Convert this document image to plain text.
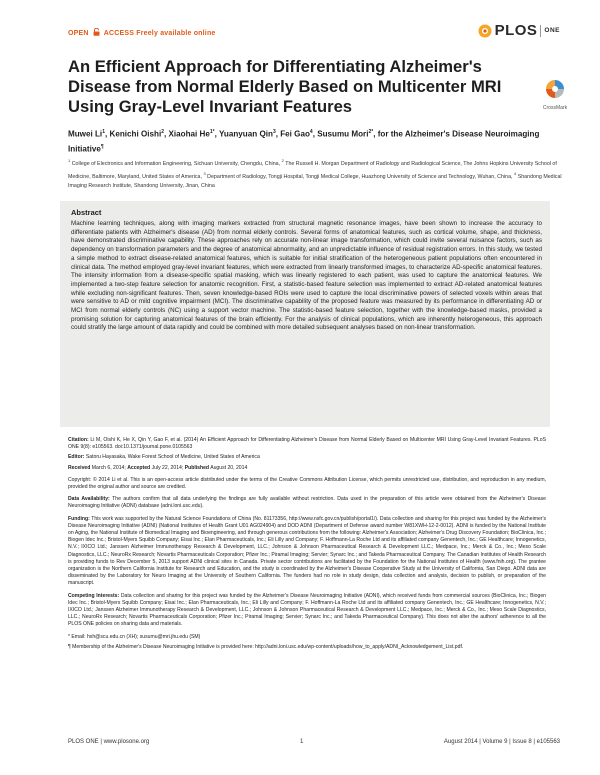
OPEN ACCESS Freely available online	PLOS ONE
An Efficient Approach for Differentiating Alzheimer's Disease from Normal Elderly Based on Multicenter MRI Using Gray-Level Invariant Features	CrossMark
Muwei Li$^1$, Kenichi Oishi$^2$, Xiaohai $He^{1*}$, Yuanyuan Qin$^3$, Fei Gao$^4$, Susumu Mori$^{2*}$, for the Alzheimer's Disease Neuroimaging Initiative¶
$^1$ College of Electronics and Information Engineering, Sichuan University, Chengdu, China, $^2$ The Russell H. Morgan Department of Radiology and Radiological Science, The Johns Hopkins University School of Medicine, Baltimore, Maryland, United States of America, $^3$ Department of Radiology, Tongji Hospital, Tongji Medical College, Huazhong University of Science and Technology, Wuhan, China, $^4$ Shandong Medical Imaging Research Institute, Shandong University, Jinan, China
Abstract
Machine learning techniques, along with imaging markers extracted from structural magnetic resonance images, have been shown to increase the accuracy to differentiate patients with Alzheimer's disease (AD) from normal elderly controls. Several forms of anatomical features, such as cortical volume, shape, and thickness, have demonstrated discriminative capability. These approaches rely on accurate non-linear image transformation, which could invite several nuisance factors, such as dependency on transformation parameters and the degree of anatomical abnormality, and an unpredictable influence of residual registration errors. In this study, we tested a simple method to extract disease-related anatomical features, which is suitable for initial stratification of the heterogeneous patient populations often encountered in clinical data. The method employed gray-level invariant features, which were extracted from linearly transformed images, to characterize AD-specific anatomical features. The intensity information from a disease-specific spatial masking, which was linearly registered to each patient, was used to capture the anatomical features. We implemented a two-step feature selection for anatomic recognition. First, a statistic-based feature selection was implemented to extract AD-related anatomical features while excluding non-significant features. Then, seven knowledge-based ROIs were used to capture the local discriminative powers of selected voxels within areas that were sensitive to AD or mild cognitive impairment (MCI). The discriminative capability of the proposed feature was measured by its performance in differentiating AD or MCI from normal elderly controls (NC) using a support vector machine. The statistic-based feature selection, together with the knowledge-based masks, provided a promising solution for capturing anatomical features of the brain efficiently. For the analysis of clinical populations, which are inherently heterogeneous, this approach could stratify the large amount of data rapidly and could be combined with more detailed subsequent analyses based on non-linear transformation.

Citation: Li M, Oishi K, He X, Qin Y, Gao F, et al. (2014) An Efficient Approach for Differentiating Alzheimer's Disease from Normal Elderly Based on Multicenter MRI Using Gray-Level Invariant Features. PLoS ONE 9(8): e105563. doi:10.1371/journal.pone.0105563

Editor: Satoru Hayasaka, Wake Forest School of Medicine, United States of America

Received March 6, 2014; Accepted July 22, 2014; Published August 20, 2014

Copyright: © 2014 Li et al. This is an open-access article distributed under the terms of the Creative Commons Attribution License, which permits unrestricted use, distribution, and reproduction in any medium, provided the original author and source are credited.

Data Availability: The authors confirm that all data underlying the findings are fully available without restriction. Data used in the preparation of this article were obtained from the Alzheimer's Disease Neuroimaging Initiative (ADNI) database (adni.loni.usc.edu).

Funding: This work was supported by the Natural Science Foundations of China (No. 81173356, http://www.nsfc.gov.cn/publish/portal1/). Data collection and sharing for this project was funded by the Alzheimer's Disease Neuroimaging Initiative (ADNI) (National Institutes of Health Grant U01 AG024904) and DOD ADNI (Department of Defense award number W81XWH-12-2-0012). ADNI is funded by the National Institute on Aging, the National Institute of Biomedical Imaging and Bioengineering, and through generous contributions from the following: Alzheimer's Association; Alzheimer's Drug Discovery Foundation; BioClinica, Inc.; Biogen Idec Inc.; Bristol-Myers Squibb Company; Eisai Inc.; Elan Pharmaceuticals, Inc.; Eli Lilly and Company; F. Hoffmann-La Roche Ltd and its affiliated company Genentech, Inc.; GE Healthcare; Innogenetics, N.V.; IXICO Ltd.; Janssen Alzheimer Immunotherapy Research & Development, LLC.; Johnson & Johnson Pharmaceutical Research & Development LLC.; Medpace, Inc.; Merck & Co., Inc.; Meso Scale Diagnostics, LLC.; NeuroRx Research; Novartis Pharmaceuticals Corporation; Pfizer Inc.; Piramal Imaging; Servier; Synarc Inc.; and Takeda Pharmaceutical Company. The Canadian Institutes of Health Research is providing funds to Rev December 5, 2013 support ADNI clinical sites in Canada. Private sector contributions are facilitated by the Foundation for the National Institutes of Health (www.fnih.org). The grantee organization is the Northern California Institute for Research and Education, and the study is coordinated by the Alzheimer's Disease Cooperative Study at the University of California, San Diego. ADNI data are disseminated by the Laboratory for Neuro Imaging at the University of Southern California. The funders had no role in study design, data collection and analysis, decision to publish, or preparation of the manuscript.

Competing Interests: Data collection and sharing for this project was funded by the Alzheimer's Disease Neuroimaging Initiative (ADNI), which received funds from commercial sources (BioClinica, Inc.; Biogen Idec Inc.; Bristol-Myers Squibb Company; Eisai Inc.; Elan Pharmaceuticals, Inc.; Eli Lilly and Company; F. Hoffmann-La Roche Ltd and its affiliated company Genentech, Inc.; GE Healthcare; Innogenetics, N.V.; IXICO Ltd.; Janssen Alzheimer Immunotherapy Research & Development, LLC.; Johnson & Johnson Pharmaceutical Research & Development LLC.; Medpace, Inc.; Merck & Co., Inc.; Meso Scale Diagnostics, LLC.; NeuroRx Research; Novartis Pharmaceuticals Corporation; Pfizer Inc.; Piramal Imaging; Servier; Synarc Inc.; and Takeda Pharmaceutical Company). This does not alter the authors' adherence to all the PLOS ONE policies on sharing data and materials.

* Email: hxh@scu.edu.cn (XH); susumu@mri.jhu.edu (SM)

¶ Membership of the Alzheimer's Disease Neuroimaging Initiative is provided here: http://adni.loni.usc.edu/wp-content/uploads/how_to_apply/ADNI_Acknowledgement_List.pdf.

PLOS ONE | www.plosone.org	1	August 2014 | Volume 9 | Issue 8 | e105563
